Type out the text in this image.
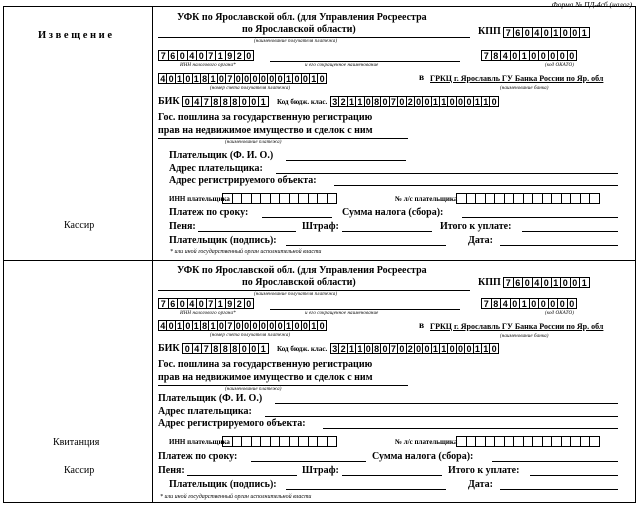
Форма № ПД-4сб (налог)
И з в е щ е н и е
Кассир
Квитанция
Кассир
УФК по Ярославской обл. (для Управления Росреестра
по Ярославской области)
(наименование получателя платежа)
КПП 7 6 0 4 0 1 0 0 1
7 6 0 4 0 7 1 9 2 0
ИНН налогового органа*	и его сокращенное наименование
7 8 4 0 1 0 0 0 0 0
(код ОКАТО)
4 0 1 0 1 8 1 0 7 0 0 0 0 0 0 1 0 0 1 0
(номер счета получателя платежа)
в ГРКЦ г. Ярославль ГУ Банка России по Яр. обл
(наименование банка)
БИК 0 4 7 8 8 8 0 0 1	Код бюдж. клас. 3 2 1 1 0 8 0 7 0 2 0 0 1 1 0 0 0 1 1 0
Гос. пошлина за государственную регистрацию
прав на недвижимое имущество и сделок с ним
(наименование платежа)
Плательщик (Ф. И. О.)
Адрес плательщика:
Адрес регистрируемого объекта:
ИНН плательщика	№ л/с плательщика
Платеж по сроку:	Сумма налога (сбора):
Пеня:	Штраф:	Итого к уплате:
Плательщик (подпись):	Дата:
* или иной государственный орган исполнительной власти
УФК по Ярославской обл. (для Управления Росреестра
по Ярославской области)
(наименование получателя платежа)
КПП 7 6 0 4 0 1 0 0 1
7 6 0 4 0 7 1 9 2 0
ИНН налогового органа*	и его сокращенное наименование
7 8 4 0 1 0 0 0 0 0
(код ОКАТО)
4 0 1 0 1 8 1 0 7 0 0 0 0 0 0 1 0 0 1 0
(номер счета получателя платежа)
в ГРКЦ г. Ярославль ГУ Банка России по Яр. обл
(наименование банка)
БИК 0 4 7 8 8 8 0 0 1	Код бюдж. клас. 3 2 1 1 0 8 0 7 0 2 0 0 1 1 0 0 0 1 1 0
Гос. пошлина за государственную регистрацию
прав на недвижимое имущество и сделок с ним
(наименование платежа)
Плательщик (Ф. И. О.)
Адрес плательщика:
Адрес регистрируемого объекта:
ИНН плательщика	№ л/с плательщика
Платеж по сроку:	Сумма налога (сбора):
Пеня:	Штраф:	Итого к уплате:
Плательщик (подпись):	Дата:
* или иной государственный орган исполнительной власти
